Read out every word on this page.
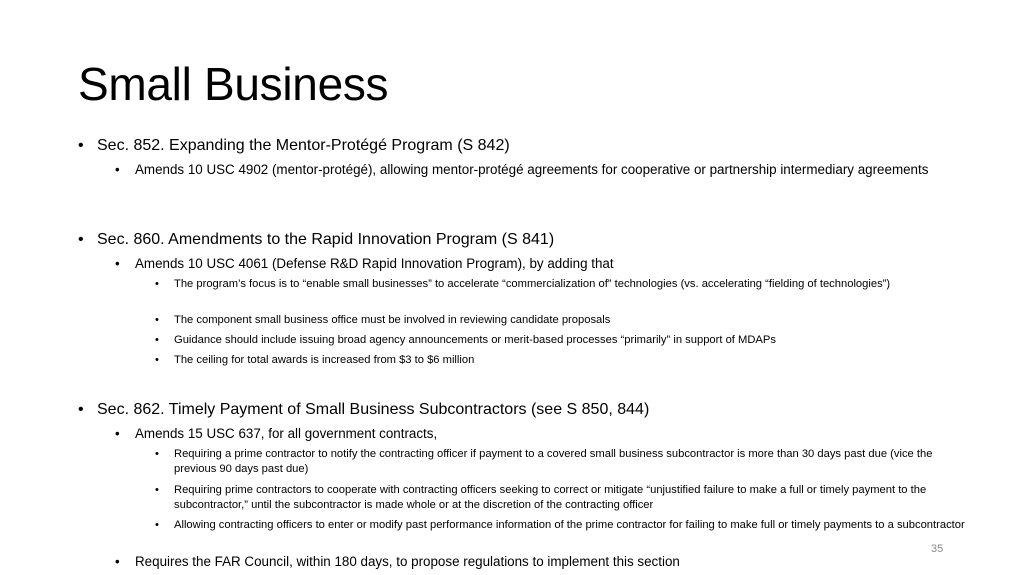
Small Business
• Sec. 852. Expanding the Mentor-Protégé Program (S 842)
•	Amends 10 USC 4902 (mentor-protégé), allowing mentor-protégé agreements for cooperative or partnership intermediary agreements
• Sec. 860. Amendments to the Rapid Innovation Program (S 841)
•	Amends 10 USC 4061 (Defense R&D Rapid Innovation Program), by adding that
•	The program’s focus is to “enable small businesses” to accelerate “commercialization of” technologies (vs. accelerating “fielding of technologies”)
•	The component small business office must be involved in reviewing candidate proposals
•	Guidance should include issuing broad agency announcements or merit-based processes “primarily” in support of MDAPs
•	The ceiling for total awards is increased from $3 to $6 million
• Sec. 862. Timely Payment of Small Business Subcontractors (see S 850, 844)
•	Amends 15 USC 637, for all government contracts,
•	Requiring a prime contractor to notify the contracting officer if payment to a covered small business subcontractor is more than 30 days past due (vice the previous 90 days past due)
•	Requiring prime contractors to cooperate with contracting officers seeking to correct or mitigate “unjustified failure to make a full or timely payment to the subcontractor,” until the subcontractor is made whole or at the discretion of the contracting officer
•	Allowing contracting officers to enter or modify past performance information of the prime contractor for failing to make full or timely payments to a subcontractor
•	Requires the FAR Council, within 180 days, to propose regulations to implement this section
35
